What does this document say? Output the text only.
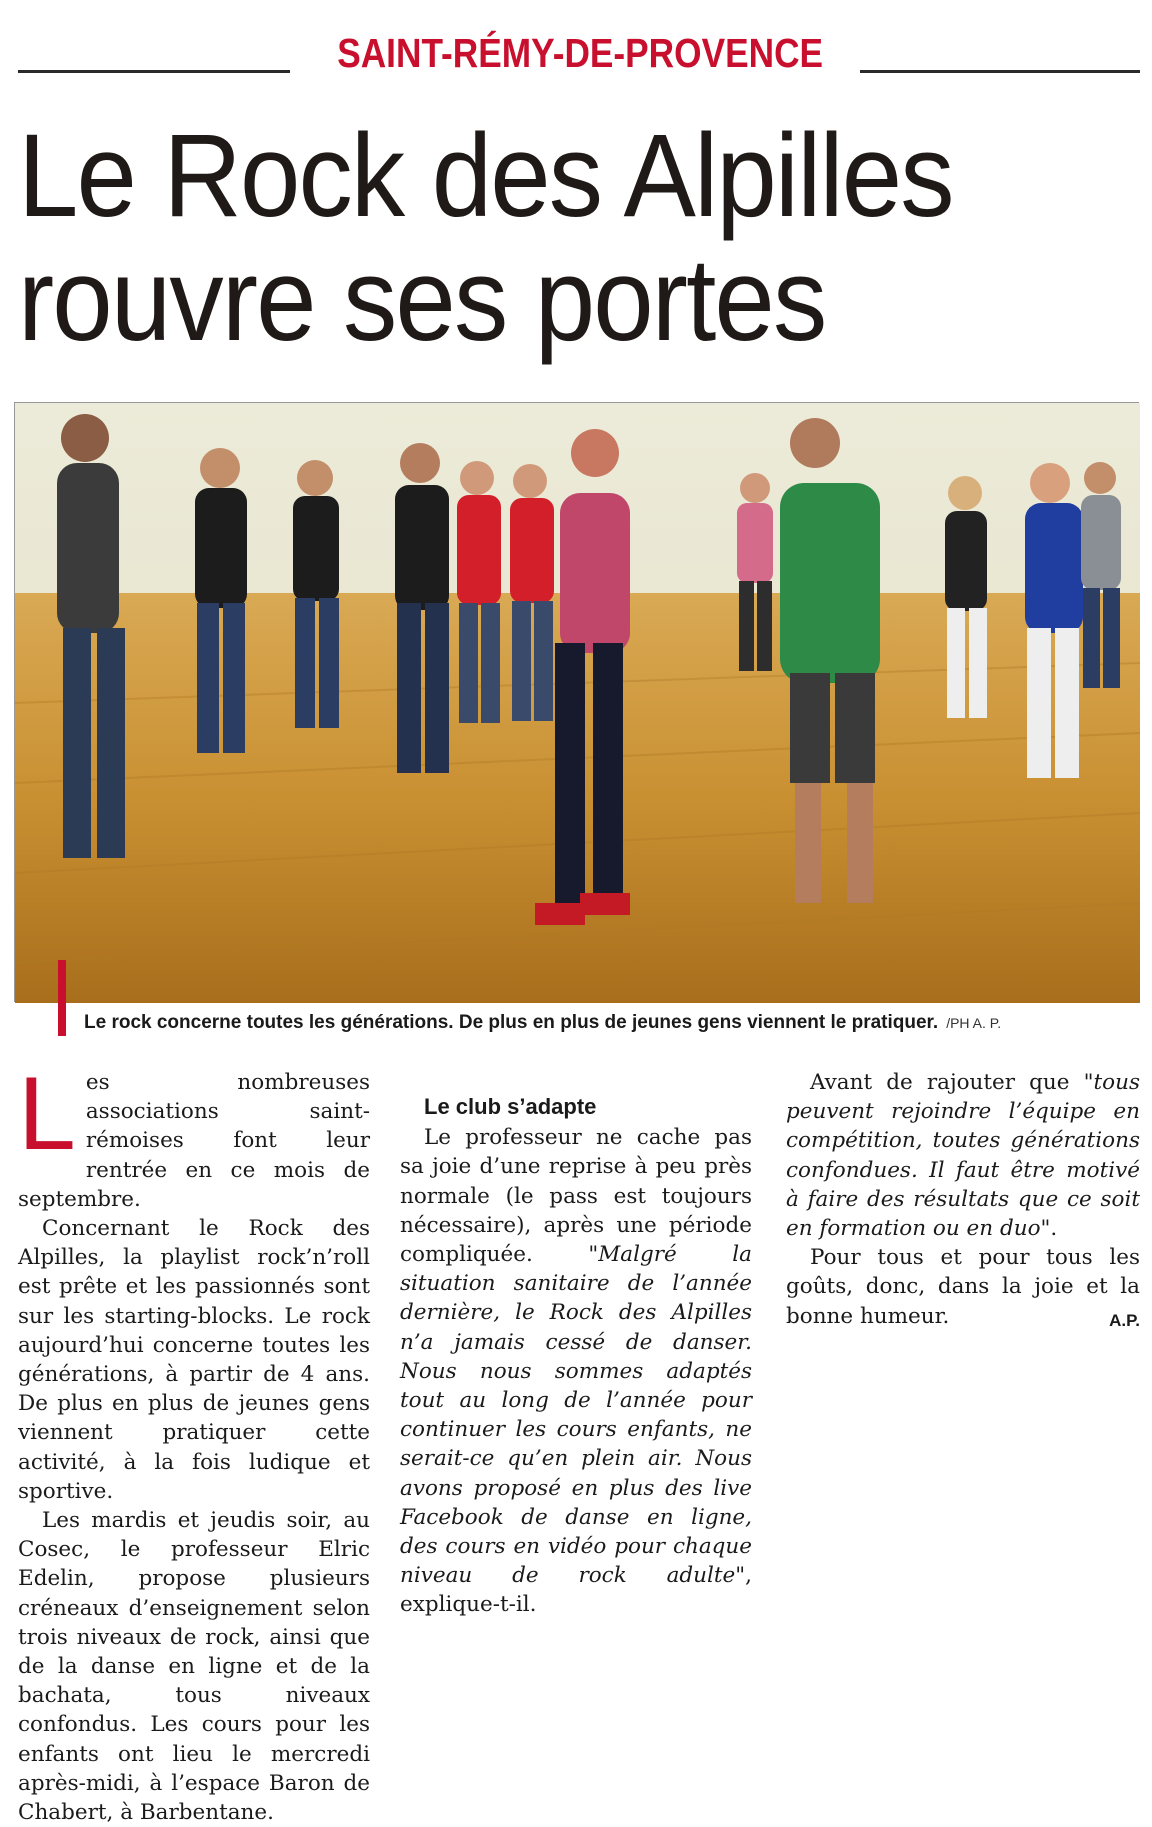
SAINT-RÉMY-DE-PROVENCE
Le Rock des Alpilles
rouvre ses portes
Le rock concerne toutes les générations. De plus en plus de jeunes gens viennent le pratiquer. /PH A. P.

Les nombreuses associations saint-rémoises font leur rentrée en ce mois de septembre.

Concernant le Rock des Alpilles, la playlist rock’n’roll est prête et les passionnés sont sur les starting-blocks. Le rock aujourd’hui concerne toutes les générations, à partir de 4 ans. De plus en plus de jeunes gens viennent pratiquer cette activité, à la fois ludique et sportive.

Les mardis et jeudis soir, au Cosec, le professeur Elric Edelin, propose plusieurs créneaux d’enseignement selon trois niveaux de rock, ainsi que de la danse en ligne et de la bachata, tous niveaux confondus. Les cours pour les enfants ont lieu le mercredi après-midi, à l’espace Baron de Chabert, à Barbentane.

Le club s’adapte

Le professeur ne cache pas sa joie d’une reprise à peu près normale (le pass est toujours nécessaire), après une période compliquée. "Malgré la situation sanitaire de l’année dernière, le Rock des Alpilles n’a jamais cessé de danser. Nous nous sommes adaptés tout au long de l’année pour continuer les cours enfants, ne serait-ce qu’en plein air. Nous avons proposé en plus des live Facebook de danse en ligne, des cours en vidéo pour chaque niveau de rock adulte", explique-t-il.

Avant de rajouter que "tous peuvent rejoindre l’équipe en compétition, toutes générations confondues. Il faut être motivé à faire des résultats que ce soit en formation ou en duo".

Pour tous et pour tous les goûts, donc, dans la joie et la bonne humeur.	A.P.
